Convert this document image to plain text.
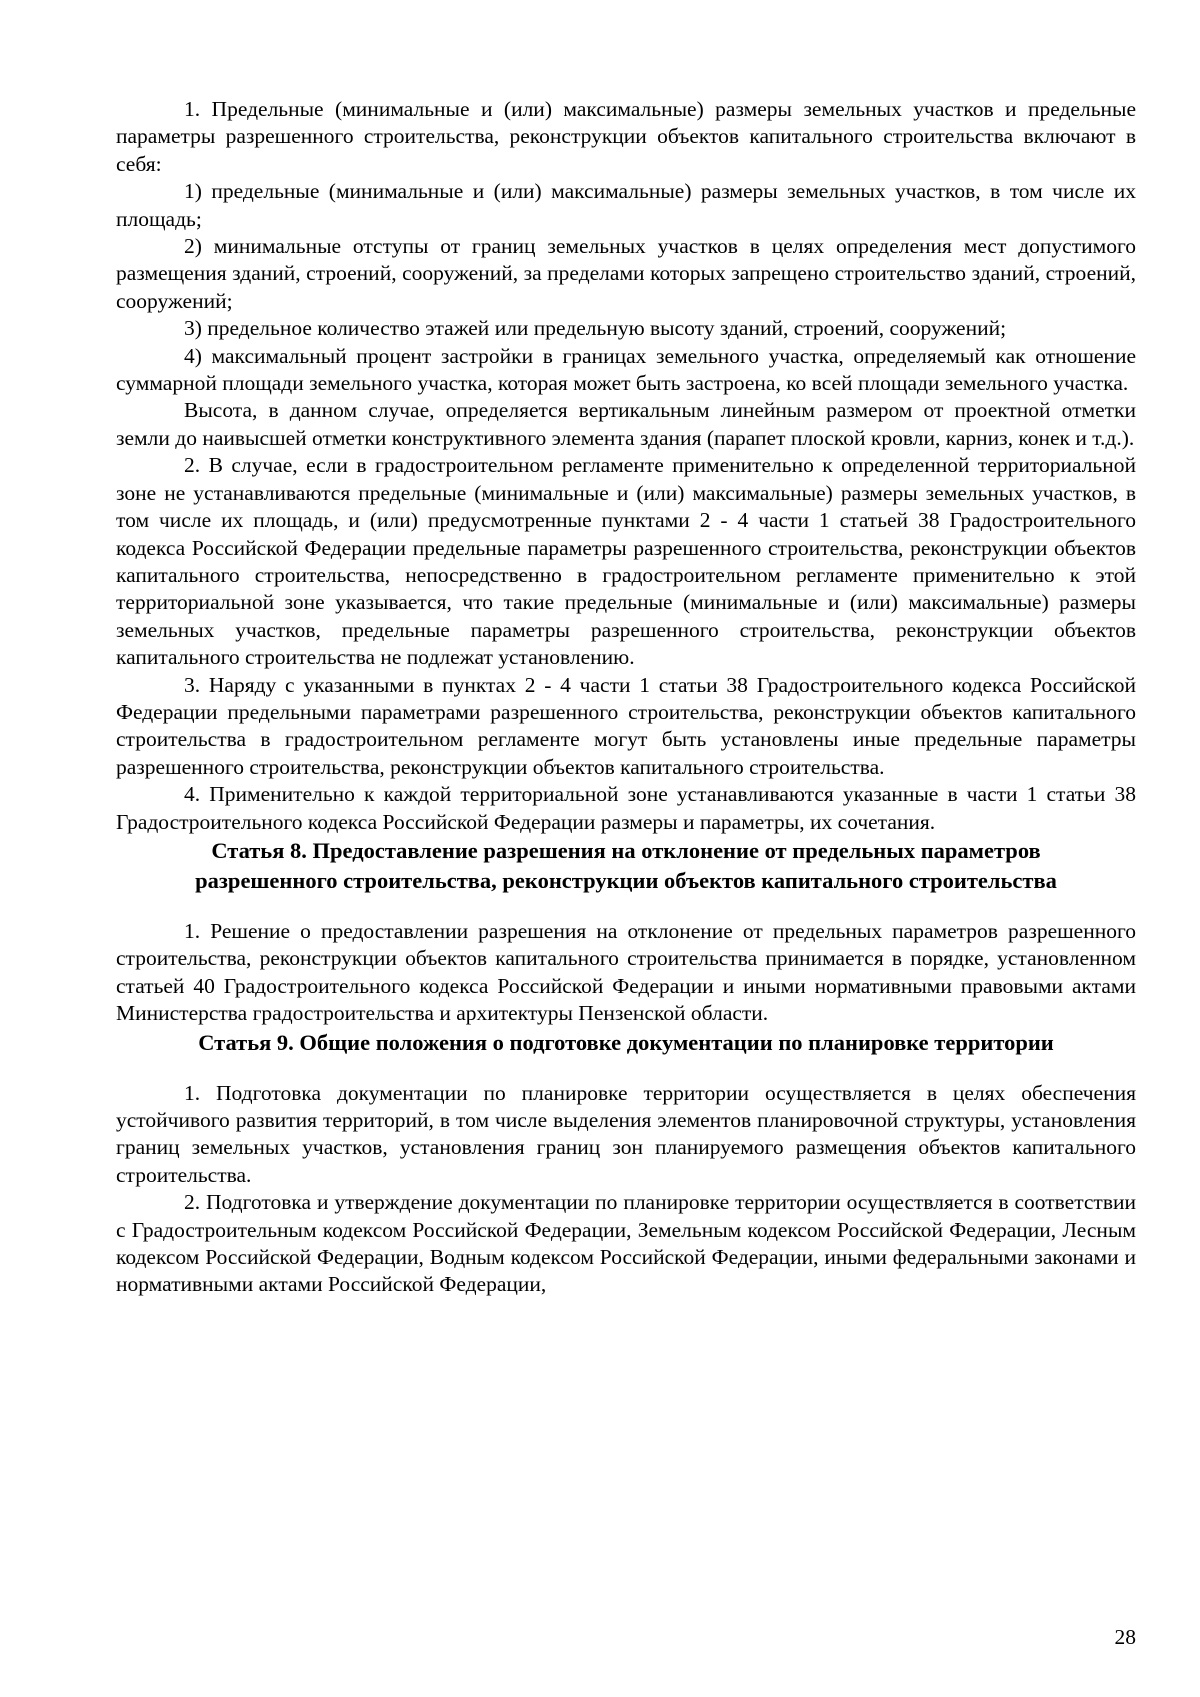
1. Предельные (минимальные и (или) максимальные) размеры земельных участков и предельные параметры разрешенного строительства, реконструкции объектов капитального строительства включают в себя:

1) предельные (минимальные и (или) максимальные) размеры земельных участков, в том числе их площадь;

2) минимальные отступы от границ земельных участков в целях определения мест допустимого размещения зданий, строений, сооружений, за пределами которых запрещено строительство зданий, строений, сооружений;

3) предельное количество этажей или предельную высоту зданий, строений, сооружений;

4) максимальный процент застройки в границах земельного участка, определяемый как отношение суммарной площади земельного участка, которая может быть застроена, ко всей площади земельного участка.

Высота, в данном случае, определяется вертикальным линейным размером от проектной отметки земли до наивысшей отметки конструктивного элемента здания (парапет плоской кровли, карниз, конек и т.д.).

2. В случае, если в градостроительном регламенте применительно к определенной территориальной зоне не устанавливаются предельные (минимальные и (или) максимальные) размеры земельных участков, в том числе их площадь, и (или) предусмотренные пунктами 2 - 4 части 1 статьей 38 Градостроительного кодекса Российской Федерации предельные параметры разрешенного строительства, реконструкции объектов капитального строительства, непосредственно в градостроительном регламенте применительно к этой территориальной зоне указывается, что такие предельные (минимальные и (или) максимальные) размеры земельных участков, предельные параметры разрешенного строительства, реконструкции объектов капитального строительства не подлежат установлению.

3. Наряду с указанными в пунктах 2 - 4 части 1 статьи 38 Градостроительного кодекса Российской Федерации предельными параметрами разрешенного строительства, реконструкции объектов капитального строительства в градостроительном регламенте могут быть установлены иные предельные параметры разрешенного строительства, реконструкции объектов капитального строительства.

4. Применительно к каждой территориальной зоне устанавливаются указанные в части 1 статьи 38 Градостроительного кодекса Российской Федерации размеры и параметры, их сочетания.

Статья 8. Предоставление разрешения на отклонение от предельных параметров
разрешенного строительства, реконструкции объектов капитального строительства

1. Решение о предоставлении разрешения на отклонение от предельных параметров разрешенного строительства, реконструкции объектов капитального строительства принимается в порядке, установленном статьей 40 Градостроительного кодекса Российской Федерации и иными нормативными правовыми актами Министерства градостроительства и архитектуры Пензенской области.

Статья 9. Общие положения о подготовке документации по планировке территории

1. Подготовка документации по планировке территории осуществляется в целях обеспечения устойчивого развития территорий, в том числе выделения элементов планировочной структуры, установления границ земельных участков, установления границ зон планируемого размещения объектов капитального строительства.

2. Подготовка и утверждение документации по планировке территории осуществляется в соответствии с Градостроительным кодексом Российской Федерации, Земельным кодексом Российской Федерации, Лесным кодексом Российской Федерации, Водным кодексом Российской Федерации, иными федеральными законами и нормативными актами Российской Федерации,

28
